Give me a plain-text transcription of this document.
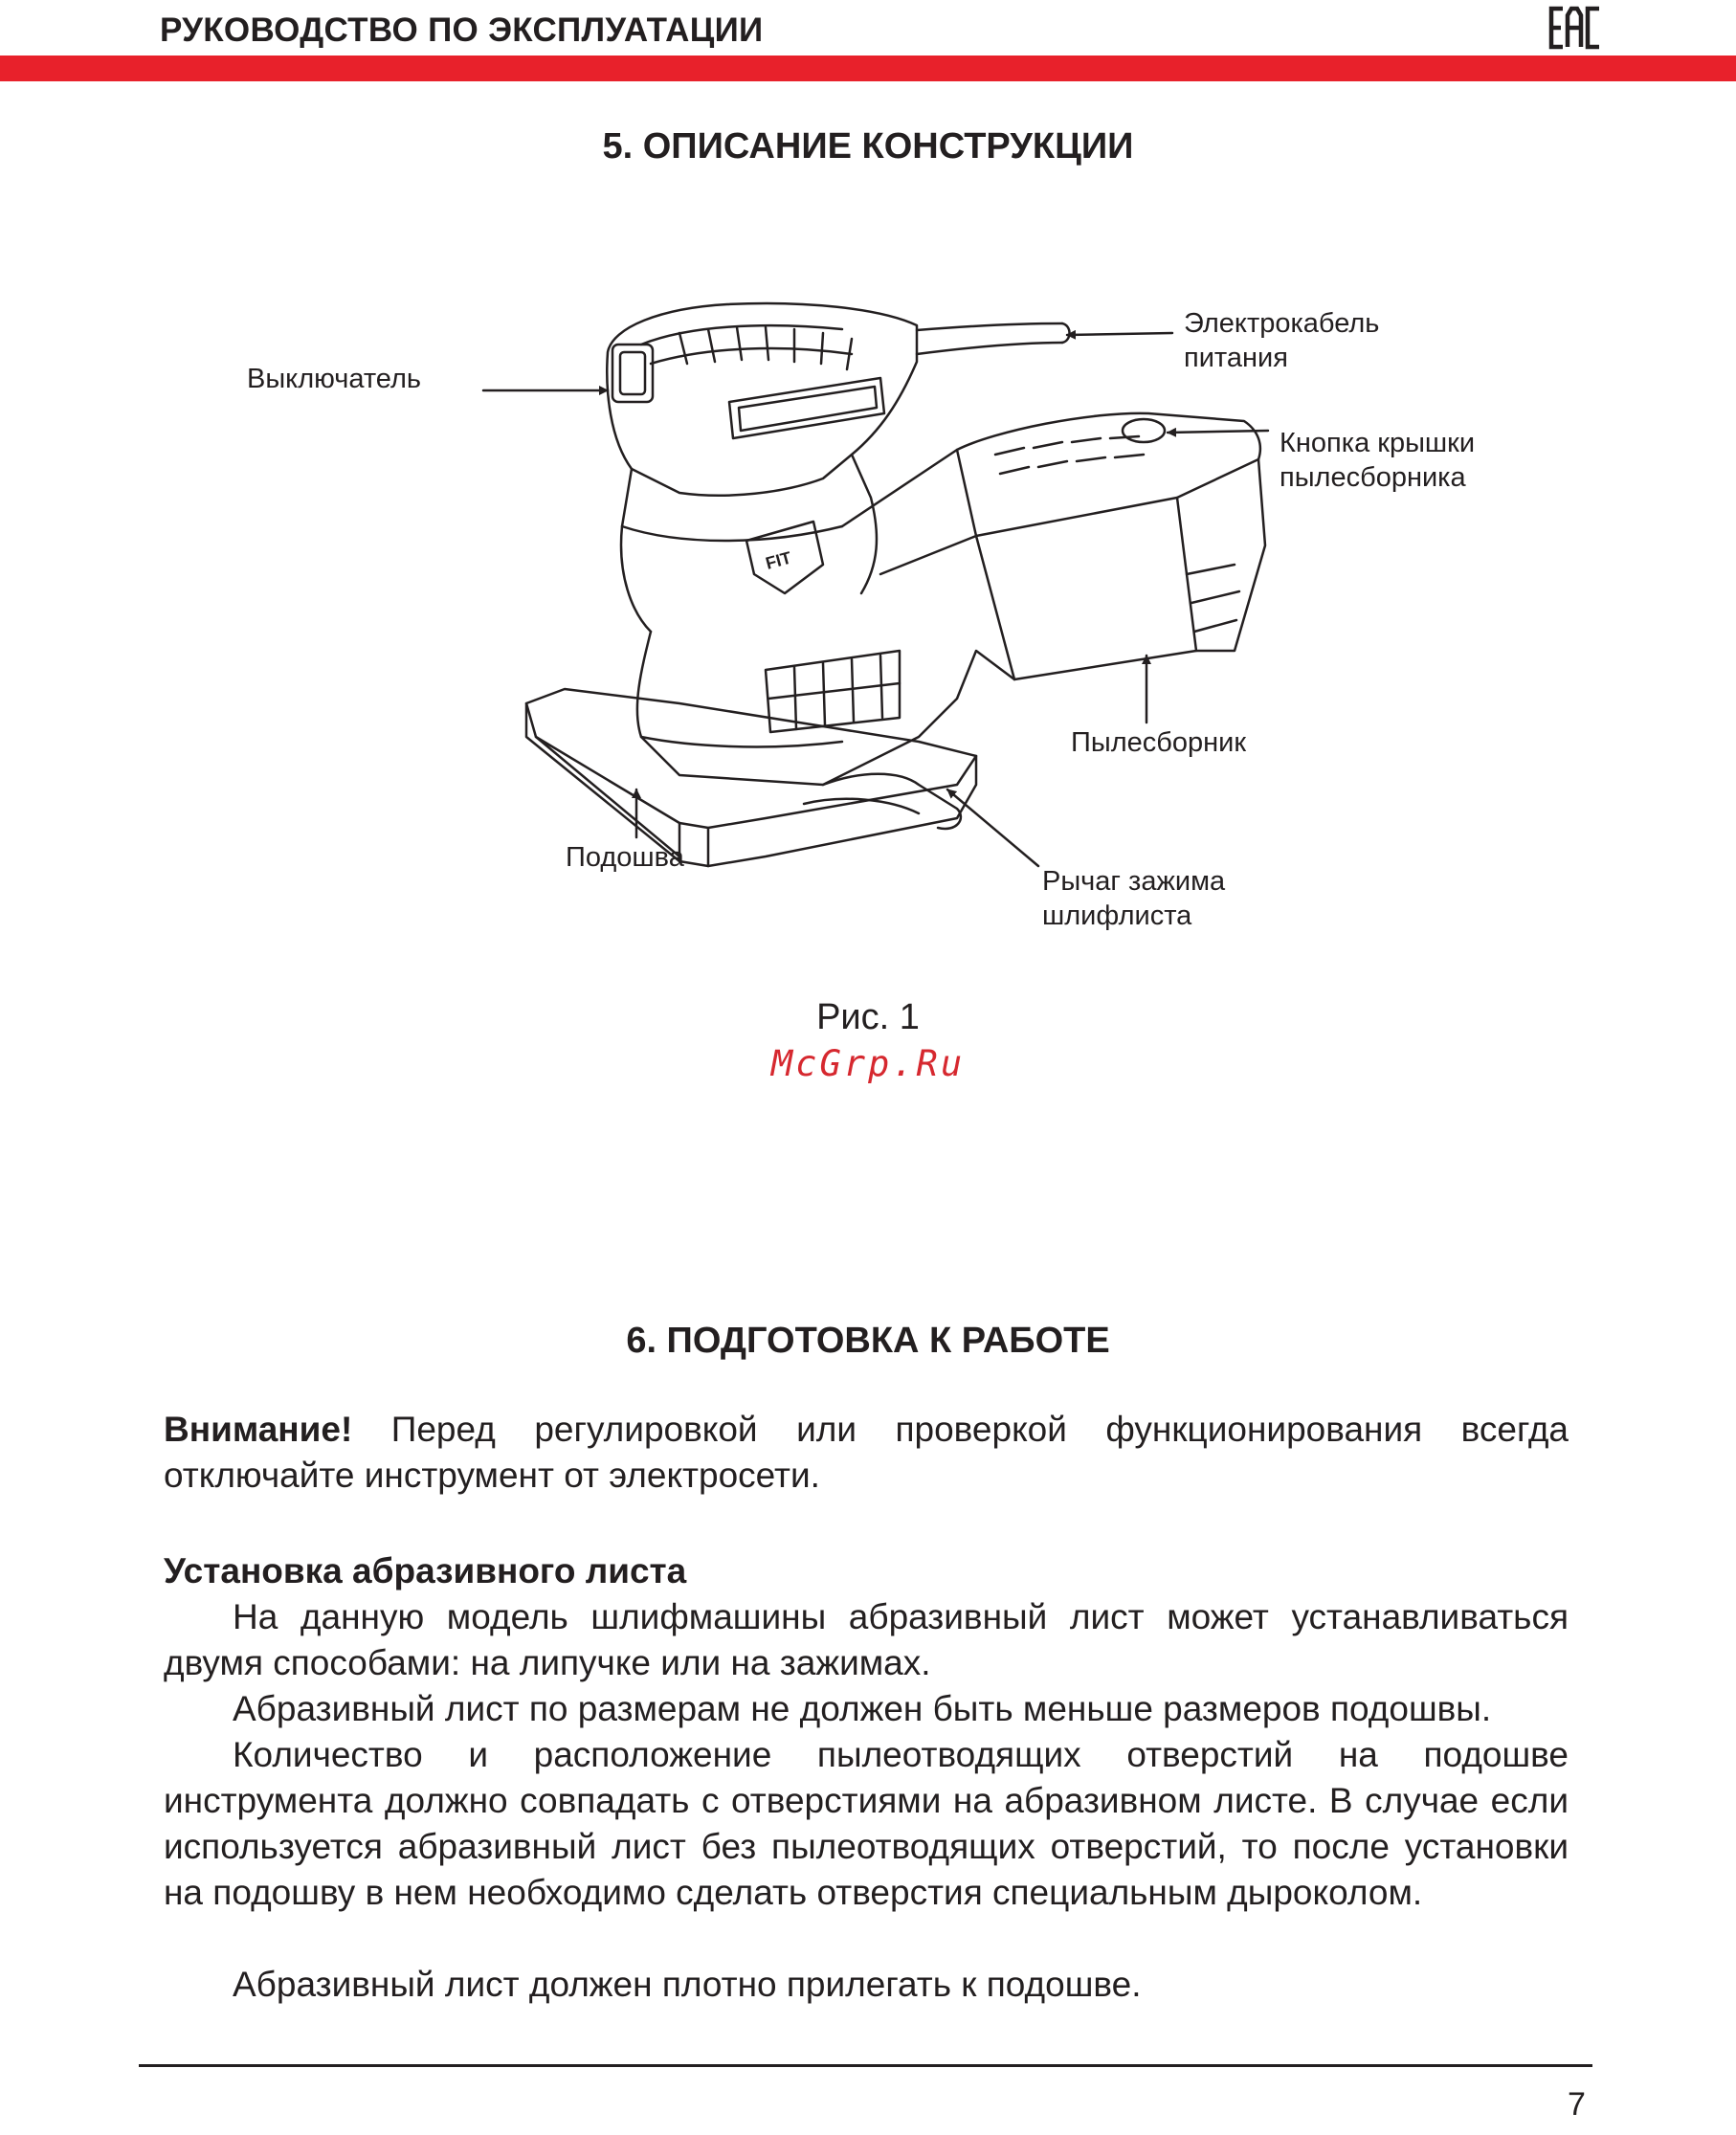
РУКОВОДСТВО ПО ЭКСПЛУАТАЦИИ
5. ОПИСАНИЕ КОНСТРУКЦИИ
FIT
Выключатель
Электрокабель
питания
Кнопка крышки
пылесборника
Пылесборник
Подошва
Рычаг зажима
шлифлиста
Рис. 1
McGrp.Ru
6. ПОДГОТОВКА К РАБОТЕ
Внимание! Перед регулировкой или проверкой функционирования всегда отключайте инструмент от электросети.
Установка абразивного листа
На данную модель шлифмашины абразивный лист может устанавливаться двумя способами: на липучке или на зажимах.
Абразивный лист по размерам не должен быть меньше размеров подошвы.
Количество и расположение пылеотводящих отверстий на подошве инструмента должно совпадать с отверстиями на абразивном листе. В случае если используется абразивный лист без пылеотводящих отверстий, то после установки на подошву в нем необходимо сделать отверстия специальным дыроколом.
Абразивный лист должен плотно прилегать к подошве.
7
